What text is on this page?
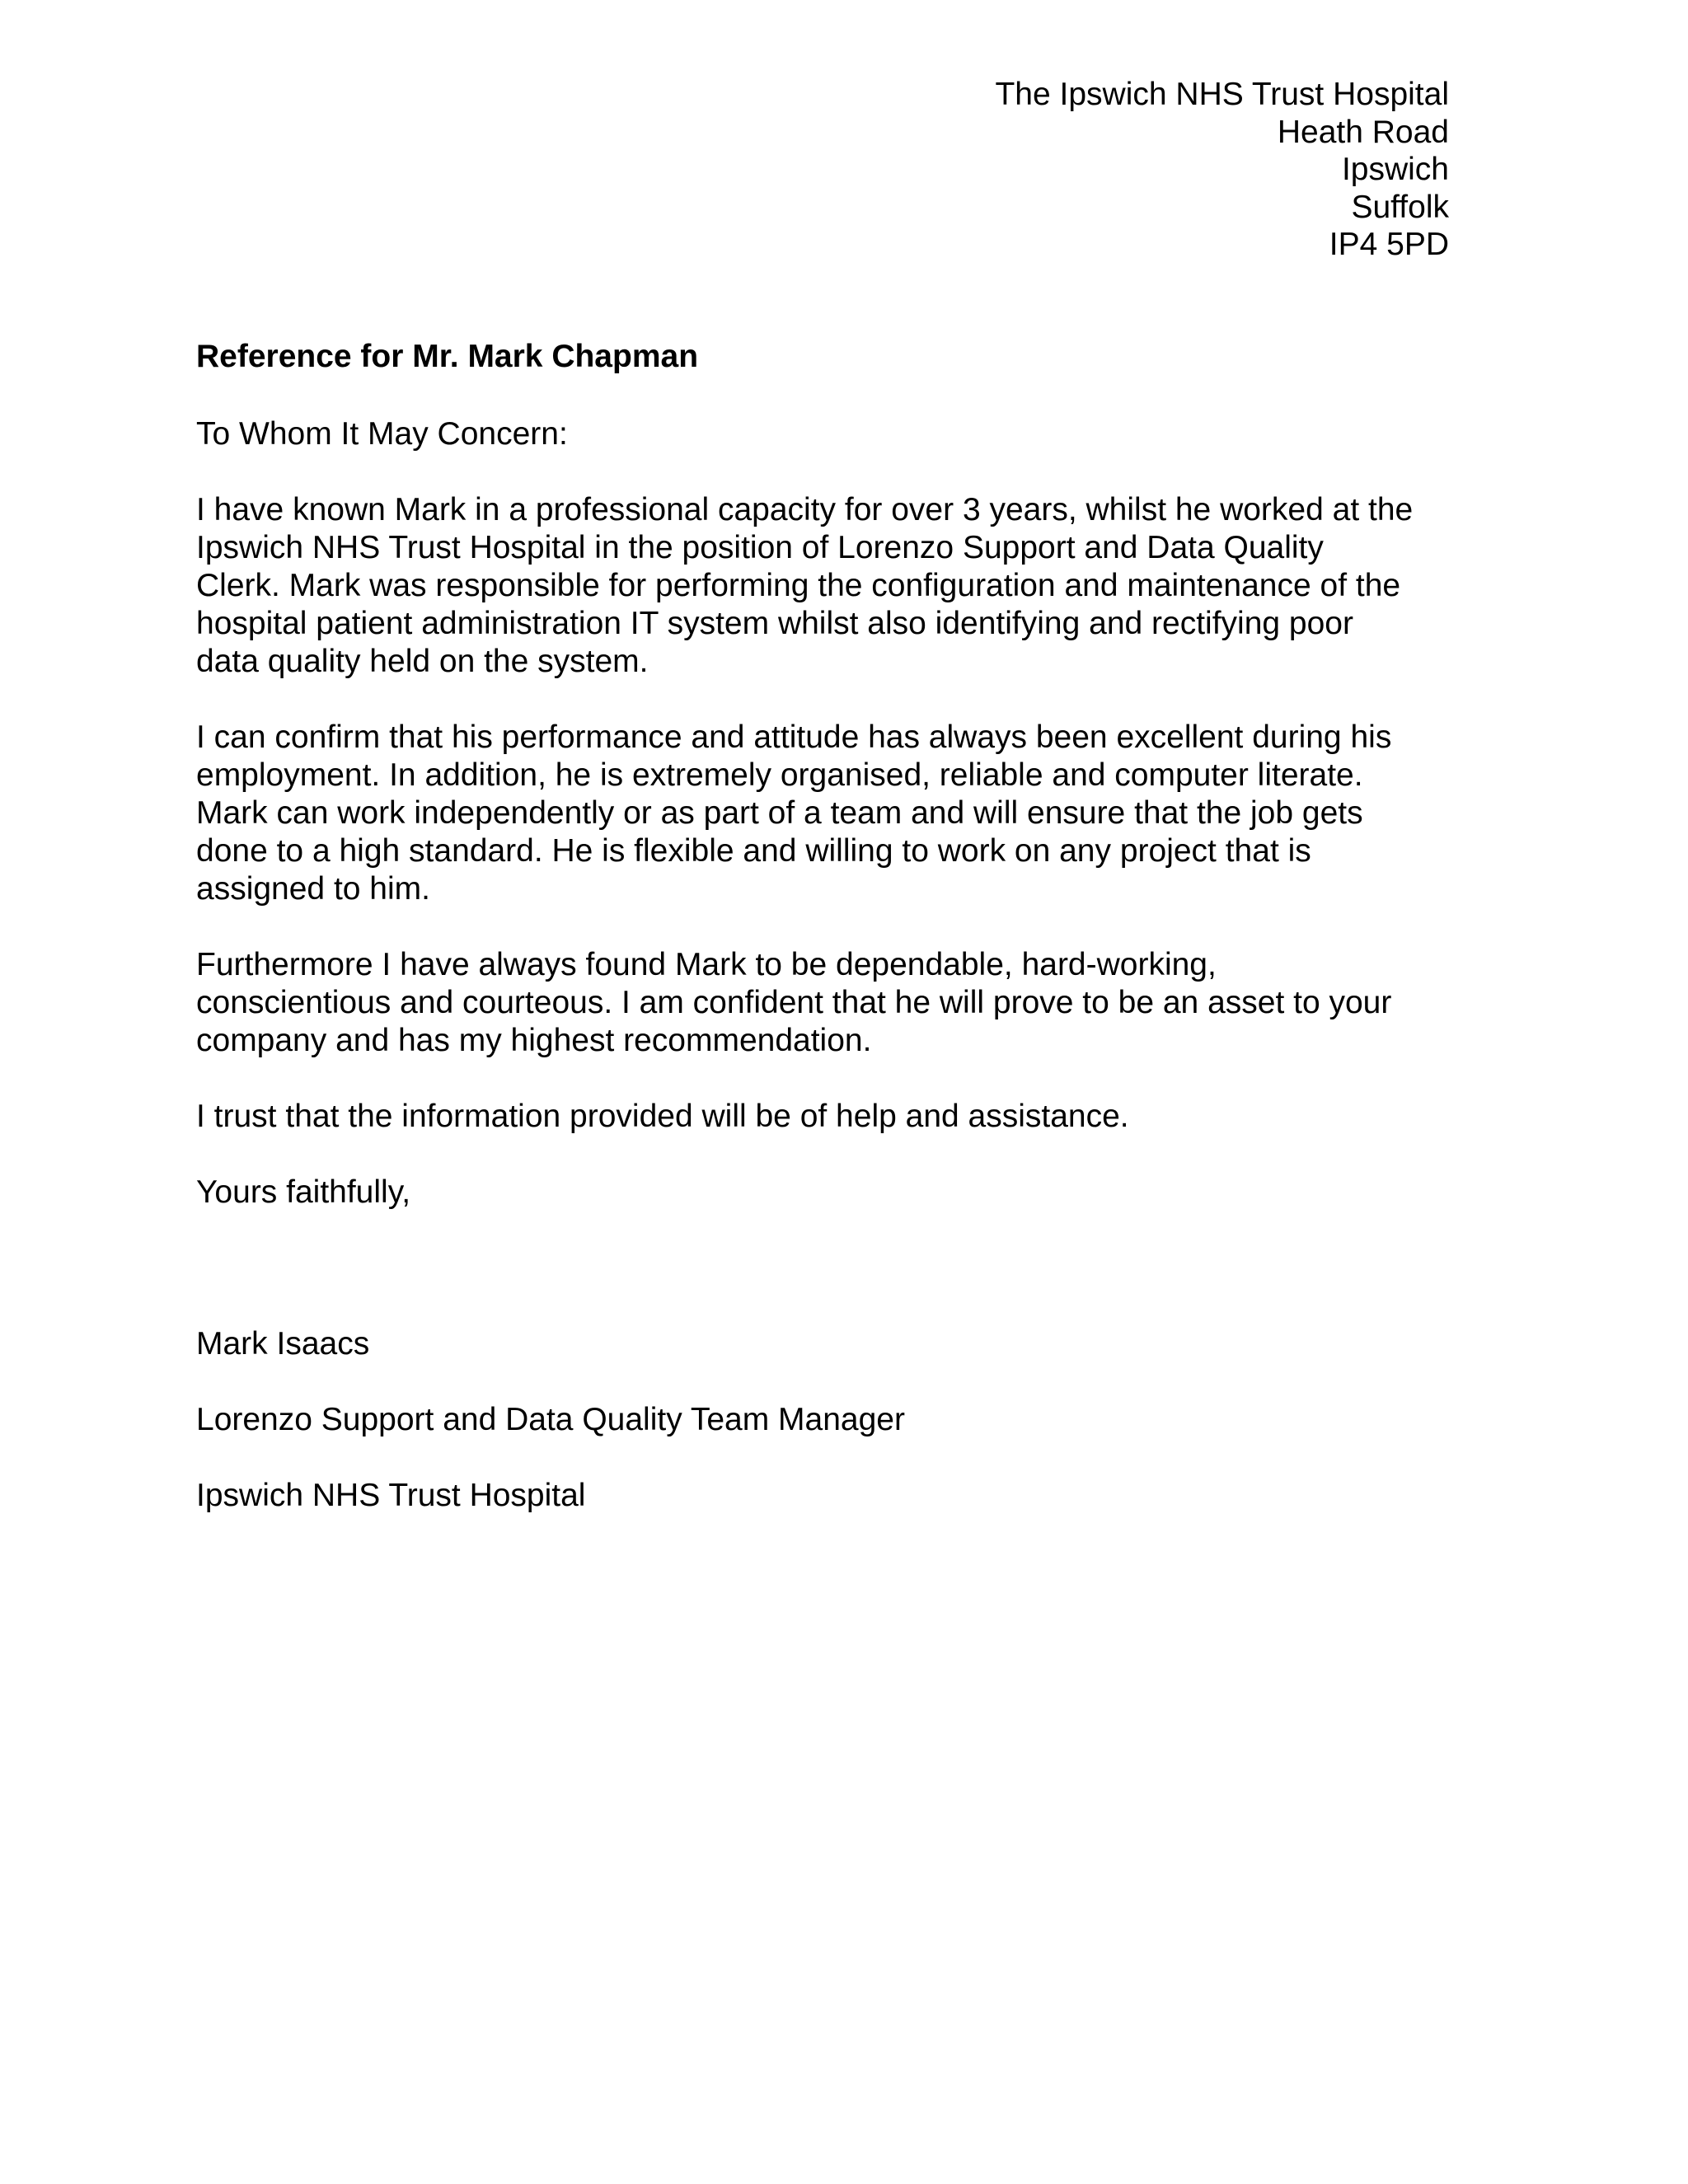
The Ipswich NHS Trust Hospital
Heath Road
Ipswich
Suffolk
IP4 5PD
Reference for Mr. Mark Chapman
To Whom It May Concern:
I have known Mark in a professional capacity for over 3 years, whilst he worked at the
Ipswich NHS Trust Hospital in the position of Lorenzo Support and Data Quality
Clerk. Mark was responsible for performing the configuration and maintenance of the
hospital patient administration IT system whilst also identifying and rectifying poor
data quality held on the system.
I can confirm that his performance and attitude has always been excellent during his
employment. In addition, he is extremely organised, reliable and computer literate.
Mark can work independently or as part of a team and will ensure that the job gets
done to a high standard. He is flexible and willing to work on any project that is
assigned to him.
Furthermore I have always found Mark to be dependable, hard-working,
conscientious and courteous. I am confident that he will prove to be an asset to your
company and has my highest recommendation.
I trust that the information provided will be of help and assistance.
Yours faithfully,
Mark Isaacs
Lorenzo Support and Data Quality Team Manager
Ipswich NHS Trust Hospital
